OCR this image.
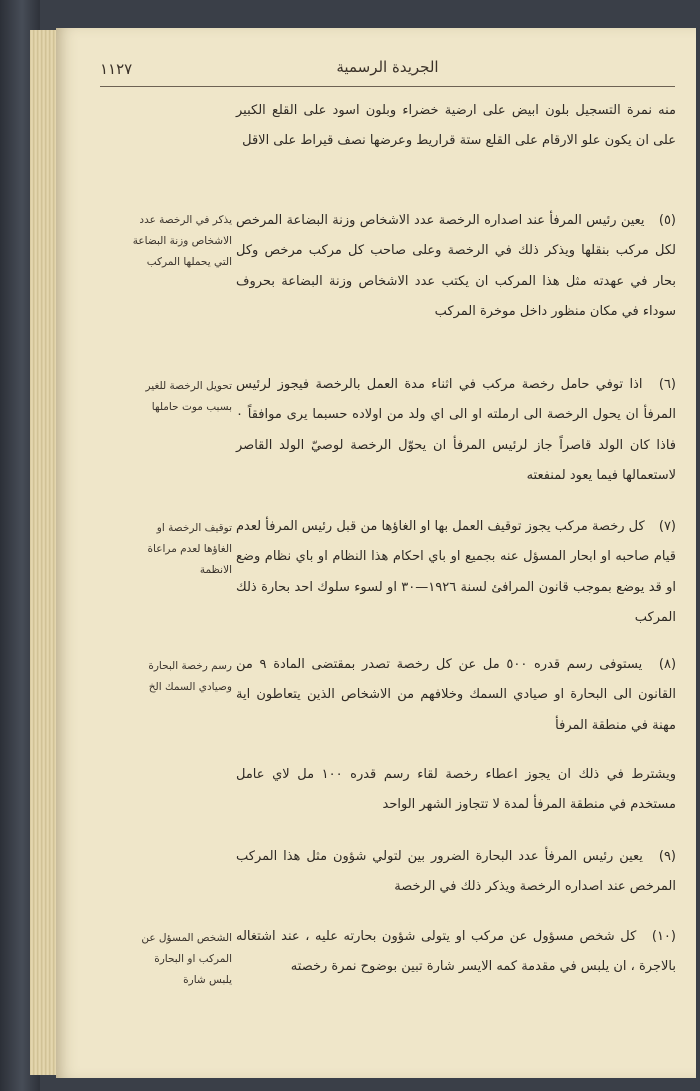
١١٢٧	الجريدة الرسمية
منه نمرة التسجيل بلون ابيض على ارضية خضراء وبلون اسود على القلع الكبير على ان يكون علو الارقام على القلع ستة قراريط وعرضها نصف قيراط على الاقل
(٥) يعين رئيس المرفأ عند اصداره الرخصة عدد الاشخاص وزنة البضاعة المرخص لكل مركب بنقلها ويذكر ذلك في الرخصة وعلى صاحب كل مركب مرخص وكل بحار في عهدته مثل هذا المركب ان يكتب عدد الاشخاص وزنة البضاعة بحروف سوداء في مكان منظور داخل موخرة المركب
(٦) اذا توفي حامل رخصة مركب في اثناء مدة العمل بالرخصة فيجوز لرئيس المرفأ ان يحول الرخصة الى ارملته او الى اي ولد من اولاده حسبما يرى موافقاً ٠ فاذا كان الولد قاصراً جاز لرئيس المرفأ ان يحوّل الرخصة لوصيّ الولد القاصر لاستعمالها فيما يعود لمنفعته
(٧) كل رخصة مركب يجوز توقيف العمل بها او الغاؤها من قبل رئيس المرفأ لعدم قيام صاحبه او ابحار المسؤل عنه بجميع او باي احكام هذا النظام او باي نظام وضع او قد يوضع بموجب قانون المرافئ لسنة ١٩٢٦—٣٠ او لسوء سلوك احد بحارة ذلك المركب
(٨) يستوفى رسم قدره ٥٠٠ مل عن كل رخصة تصدر بمقتضى المادة ٩ من القانون الى البحارة او صيادي السمك وخلافهم من الاشخاص الذين يتعاطون اية مهنة في منطقة المرفأ
ويشترط في ذلك ان يجوز اعطاء رخصة لقاء رسم قدره ١٠٠ مل لاي عامل مستخدم في منطقة المرفأ لمدة لا تتجاوز الشهر الواحد
(٩) يعين رئيس المرفأ عدد البحارة الضرور بين لتولي شؤون مثل هذا المركب المرخص عند اصداره الرخصة ويذكر ذلك في الرخصة
(١٠) كل شخص مسؤول عن مركب او يتولى شؤون بحارته عليه ، عند اشتغاله بالاجرة ، ان يلبس في مقدمة كمه الايسر شارة تبين بوضوح نمرة رخصته
يذكر في الرخصة عدد الاشخاص وزنة البضاعة التي يحملها المركب
تحويل الرخصة للغير بسبب موت حاملها
توقيف الرخصة او الغاؤها لعدم مراعاة الانظمة
رسم رخصة البحارة وصيادي السمك الخ
الشخص المسؤل عن المركب او البحارة يلبس شارة
